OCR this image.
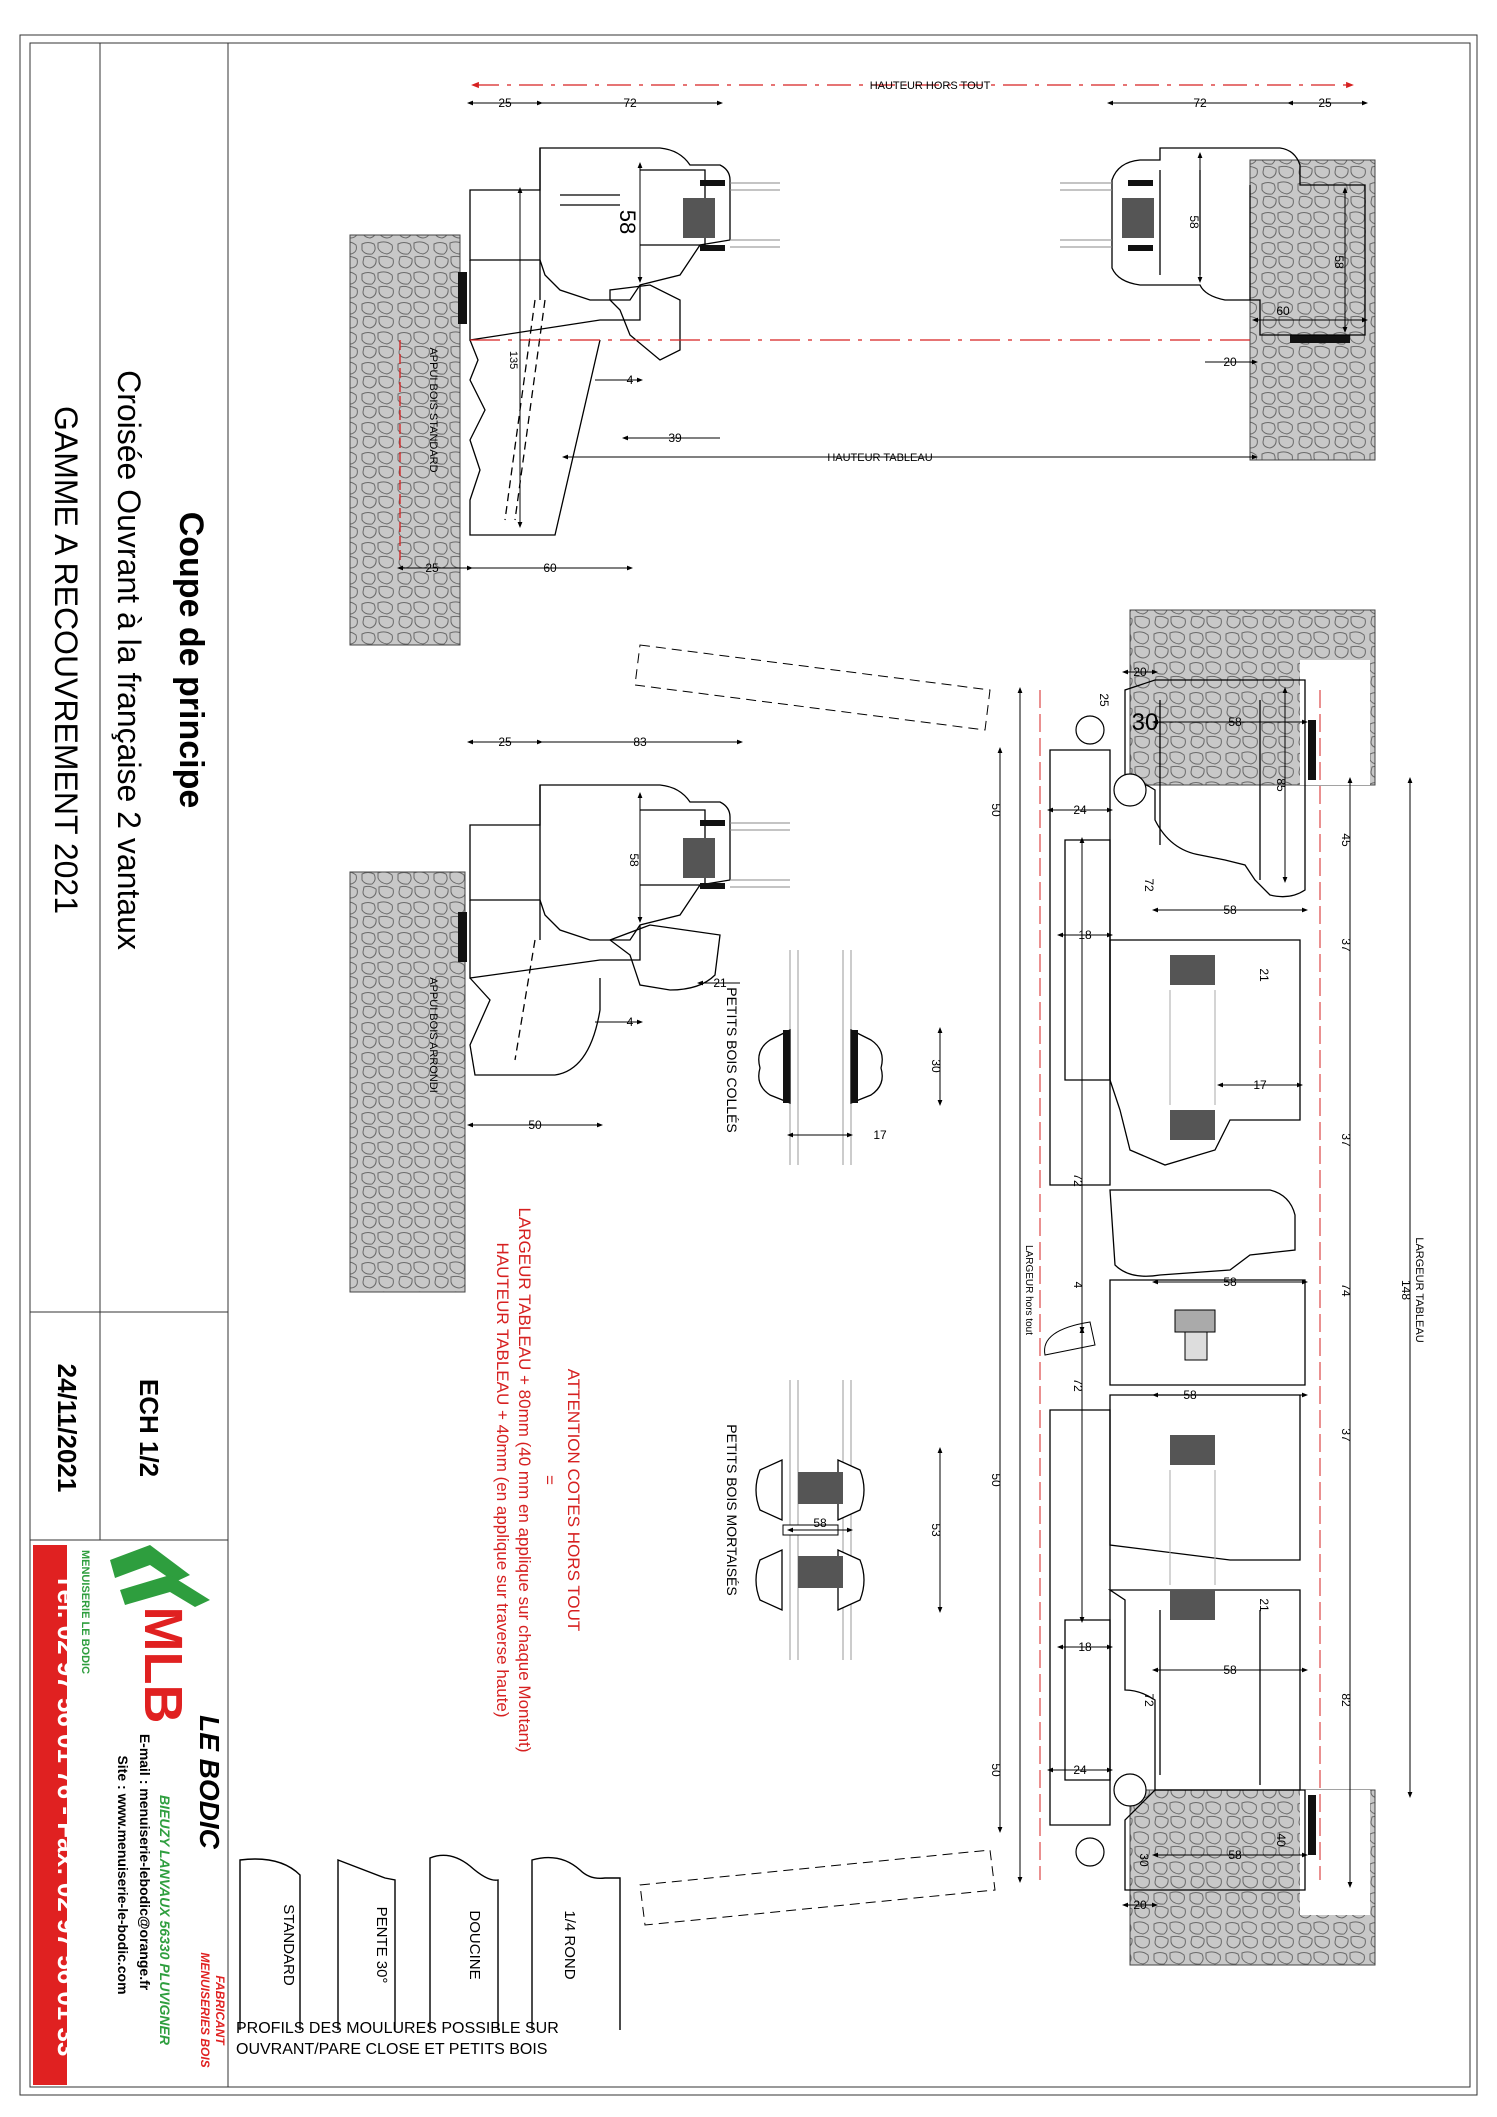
Coupe de principe
Croisée Ouvrant à la française 2 vantaux
GAMME A RECOUVREMENT 2021
ECH 1/2
24/11/2021
Tél. 02 97 56 01 76 - Fax: 02 97 56 01 33 MLB
MENUISERIE LE BODIC
LE BODIC
FABRICANT
MENUISERIES BOIS
BIEUZY LANVAUX 56330 PLUVIGNER
E-mail : menuiserie-lebodic@orange.fr
Site : www.menuiserie-le-bodic.com	STANDARD	PENTE 30°	DOUCINE	1/4 ROND
PROFILS DES MOULURES POSSIBLE SUR
OUVRANT/PARE CLOSE ET PETITS BOIS
ATTENTION COTES HORS TOUT
=
LARGEUR TABLEAU + 80mm (40 mm en applique sur chaque Montant)
HAUTEUR TABLEAU + 40mm (en applique sur traverse haute)
25	72	72	25
HAUTEUR HORS TOUT
HAUTEUR TABLEAU
58	58
58
60
20
135
4
39
25	60
APPUI BOIS STANDARD
25	83
58
21
4
50
APPUI BOIS ARRONDI	30
17
PETITS BOIS COLLÉS
53
58
PETITS BOIS MORTAISÉS
20
25
30	58
85
24
50
72
58
18
45
37
21
17
72
4	58
37
74	148
72
58
50
37
21
18
58
72	82
24
50
40
30	58
20
LARGEUR hors tout	LARGEUR TABLEAU
